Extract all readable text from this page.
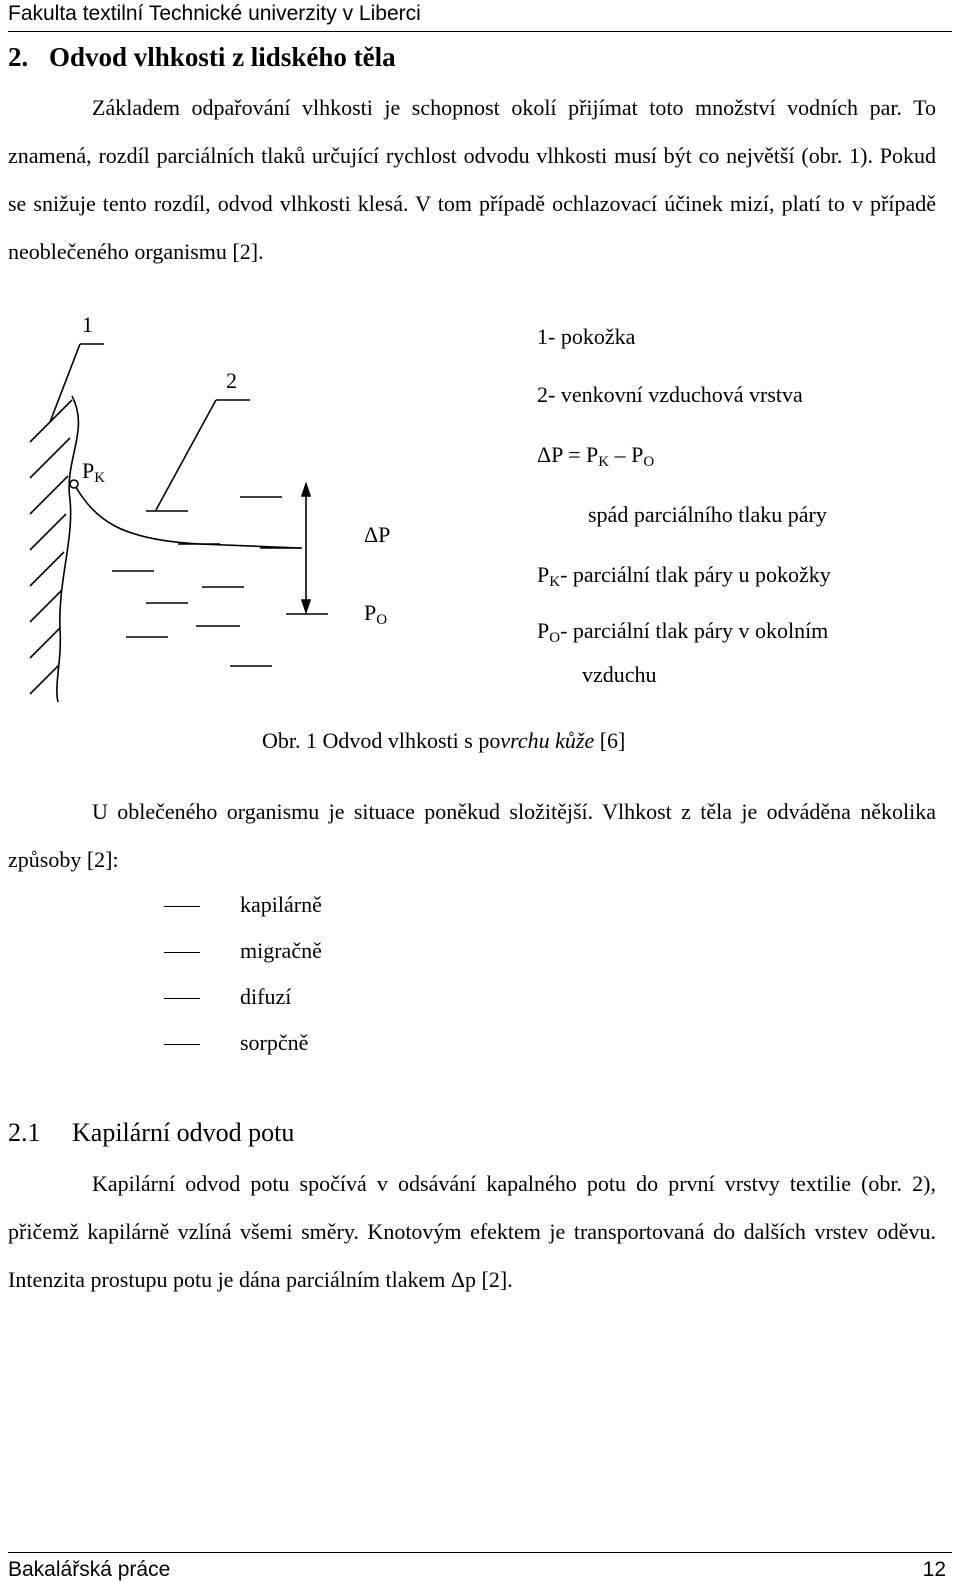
Fakulta textilní Technické univerzity v Liberci
2. Odvod vlhkosti z lidského těla

Základem odpařování vlhkosti je schopnost okolí přijímat toto množství vodních par. To znamená, rozdíl parciálních tlaků určující rychlost odvodu vlhkosti musí být co největší (obr. 1). Pokud se snižuje tento rozdíl, odvod vlhkosti klesá. V tom případě ochlazovací účinek mizí, platí to v případě neoblečeného organismu [2].

1
2
$P_K$
ΔP
$P_O$
1- pokožka
2- venkovní vzduchová vrstva
$\Delta P = P_K - P_O$
spád parciálního tlaku páry
$P_K-$ parciální tlak páry u pokožky
$P_O-$ parciální tlak páry v okolním
vzduchu
Obr. 1 Odvod vlhkosti s povrchu kůže [6]

U oblečeného organismu je situace poněkud složitější. Vlhkost z těla je odváděna několika způsoby [2]:

kapilárně
migračně
difuzí
sorpčně
2.1 Kapilární odvod potu

Kapilární odvod potu spočívá v odsávání kapalného potu do první vrstvy textilie (obr. 2), přičemž kapilárně vzlíná všemi směry. Knotovým efektem je transportovaná do dalších vrstev oděvu. Intenzita prostupu potu je dána parciálním tlakem Δp [2].

Bakalářská práce	12
